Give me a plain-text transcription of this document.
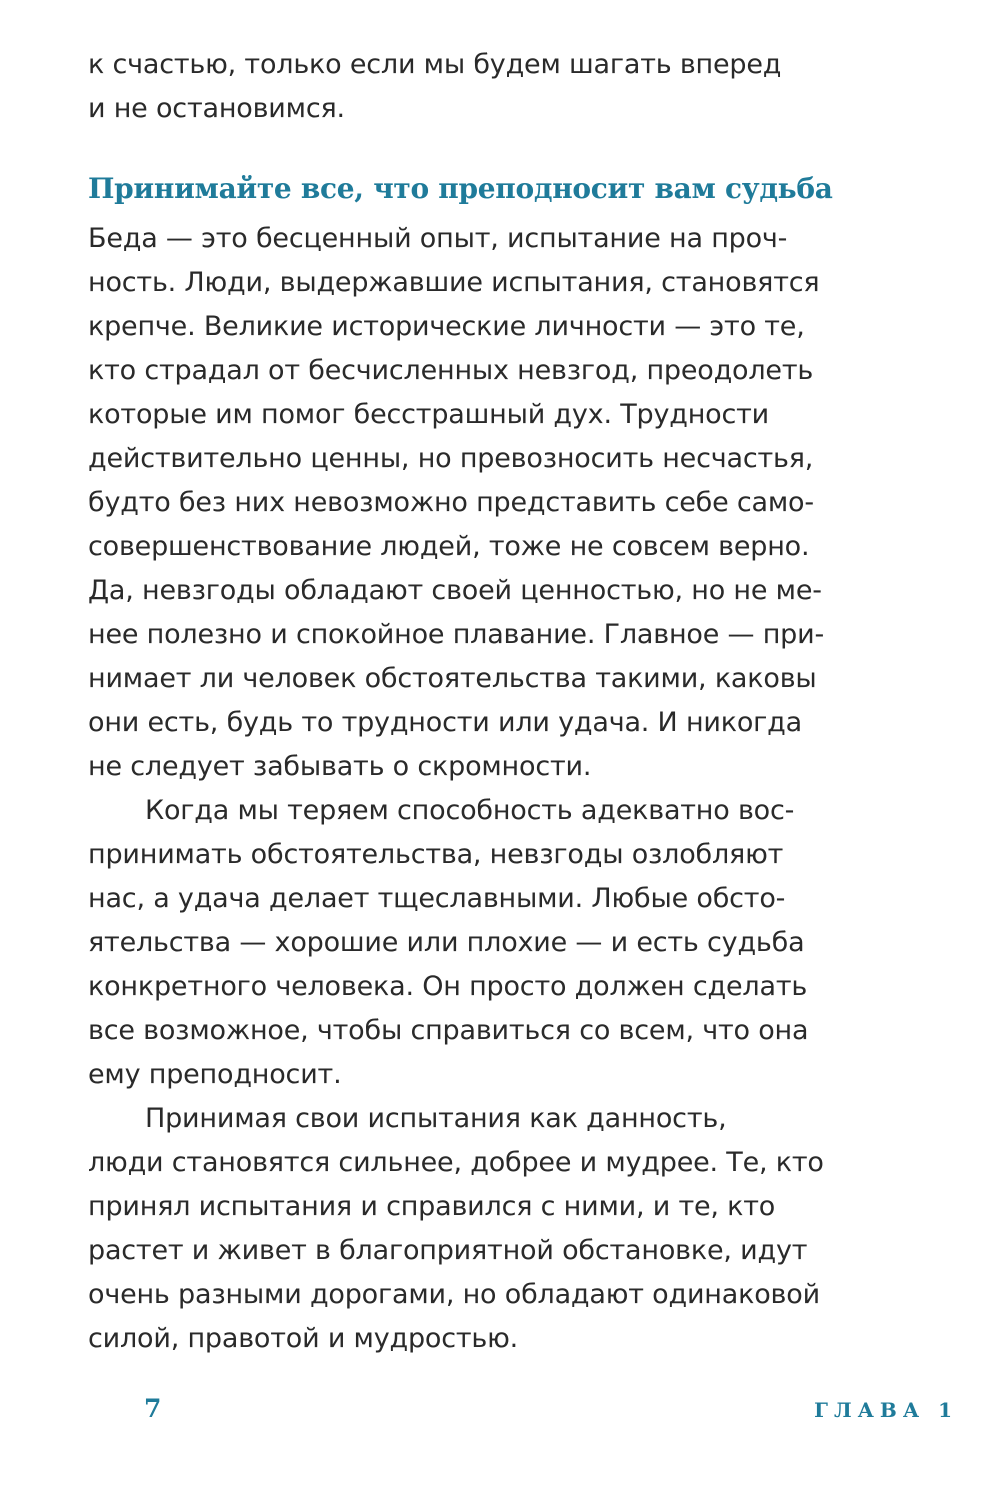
к счастью, только если мы будем шагать вперед
и не остановимся.
Принимайте все, что преподносит вам судьба
Беда — это бесценный опыт, испытание на проч-
ность. Люди, выдержавшие испытания, становятся
крепче. Великие исторические личности — это те,
кто страдал от бесчисленных невзгод, преодолеть
которые им помог бесстрашный дух. Трудности
действительно ценны, но превозносить несчастья,
будто без них невозможно представить себе само-
совершенствование людей, тоже не совсем верно.
Да, невзгоды обладают своей ценностью, но не ме-
нее полезно и спокойное плавание. Главное — при-
нимает ли человек обстоятельства такими, каковы
они есть, будь то трудности или удача. И никогда
не следует забывать о скромности.
Когда мы теряем способность адекватно вос-
принимать обстоятельства, невзгоды озлобляют
нас, а удача делает тщеславными. Любые обсто-
ятельства — хорошие или плохие — и есть судьба
конкретного человека. Он просто должен сделать
все возможное, чтобы справиться со всем, что она
ему преподносит.
Принимая свои испытания как данность,
люди становятся сильнее, добрее и мудрее. Те, кто
принял испытания и справился с ними, и те, кто
растет и живет в благоприятной обстановке, идут
очень разными дорогами, но обладают одинаковой
силой, правотой и мудростью.
7	ГЛАВА 1
